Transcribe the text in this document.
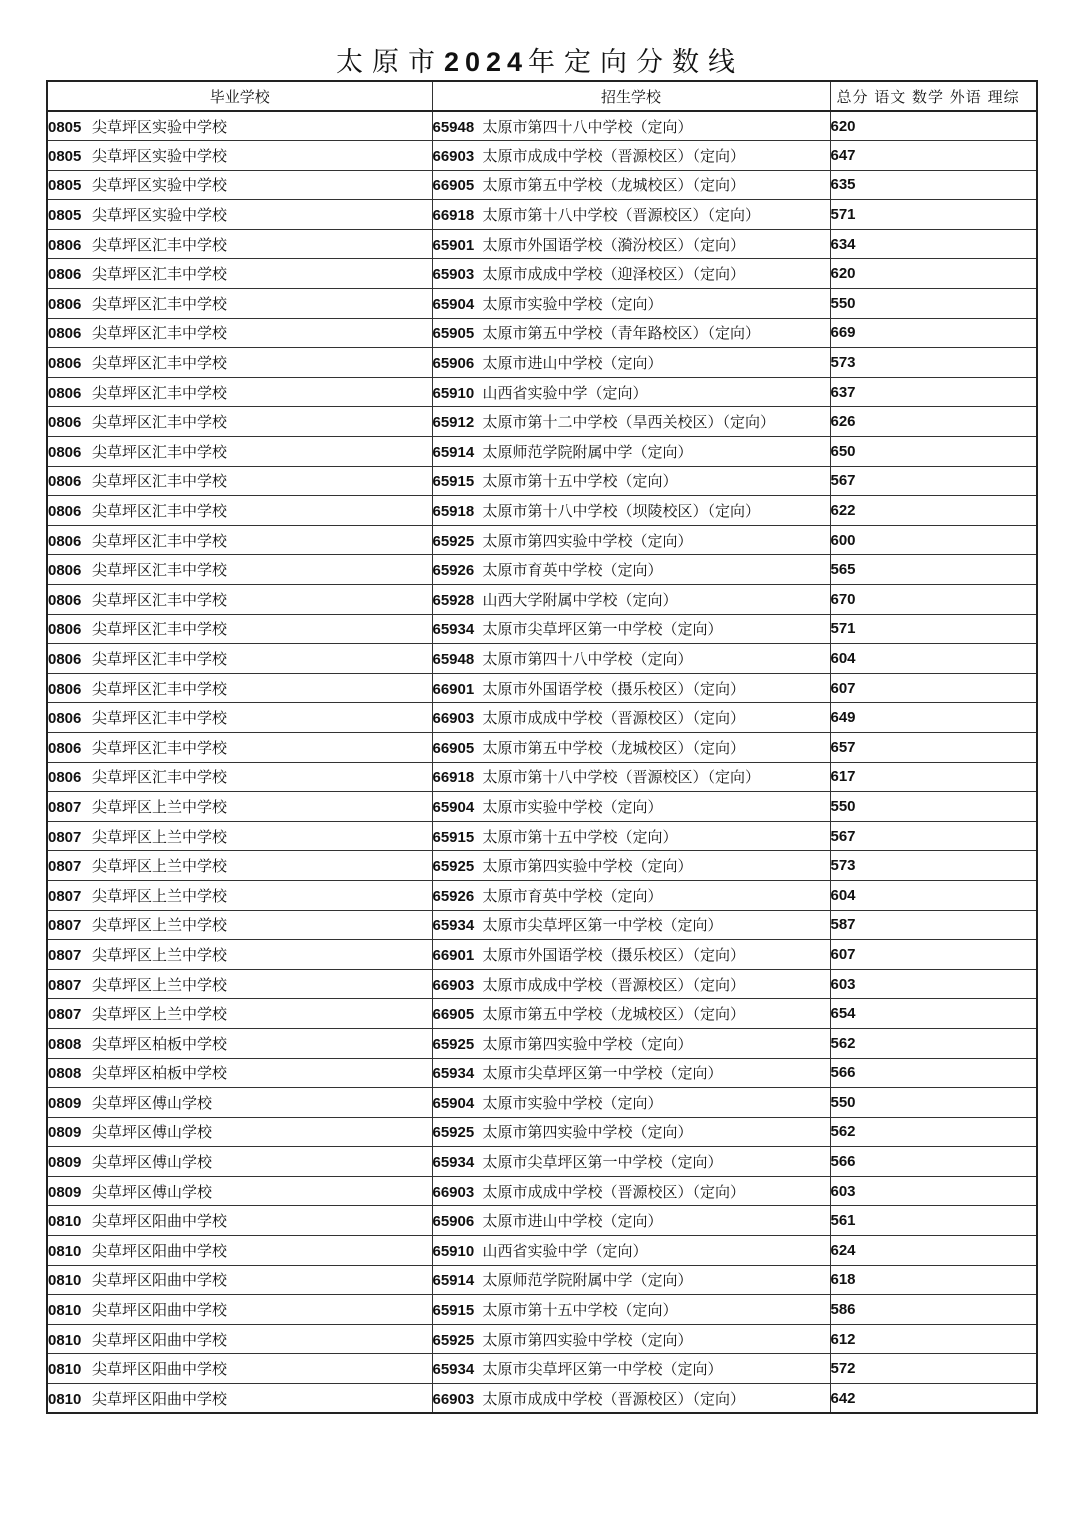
太原市2024年定向分数线
毕业学校	招生学校	总分 语文 数学 外语 理综
0805 尖草坪区实验中学校	65948 太原市第四十八中学校（定向）	620
0805 尖草坪区实验中学校	66903 太原市成成中学校（晋源校区）（定向）	647
0805 尖草坪区实验中学校	66905 太原市第五中学校（龙城校区）（定向）	635
0805 尖草坪区实验中学校	66918 太原市第十八中学校（晋源校区）（定向）	571
0806 尖草坪区汇丰中学校	65901 太原市外国语学校（漪汾校区）（定向）	634
0806 尖草坪区汇丰中学校	65903 太原市成成中学校（迎泽校区）（定向）	620
0806 尖草坪区汇丰中学校	65904 太原市实验中学校（定向）	550
0806 尖草坪区汇丰中学校	65905 太原市第五中学校（青年路校区）（定向）	669
0806 尖草坪区汇丰中学校	65906 太原市进山中学校（定向）	573
0806 尖草坪区汇丰中学校	65910 山西省实验中学（定向）	637
0806 尖草坪区汇丰中学校	65912 太原市第十二中学校（旱西关校区）（定向）	626
0806 尖草坪区汇丰中学校	65914 太原师范学院附属中学（定向）	650
0806 尖草坪区汇丰中学校	65915 太原市第十五中学校（定向）	567
0806 尖草坪区汇丰中学校	65918 太原市第十八中学校（坝陵校区）（定向）	622
0806 尖草坪区汇丰中学校	65925 太原市第四实验中学校（定向）	600
0806 尖草坪区汇丰中学校	65926 太原市育英中学校（定向）	565
0806 尖草坪区汇丰中学校	65928 山西大学附属中学校（定向）	670
0806 尖草坪区汇丰中学校	65934 太原市尖草坪区第一中学校（定向）	571
0806 尖草坪区汇丰中学校	65948 太原市第四十八中学校（定向）	604
0806 尖草坪区汇丰中学校	66901 太原市外国语学校（摄乐校区）（定向）	607
0806 尖草坪区汇丰中学校	66903 太原市成成中学校（晋源校区）（定向）	649
0806 尖草坪区汇丰中学校	66905 太原市第五中学校（龙城校区）（定向）	657
0806 尖草坪区汇丰中学校	66918 太原市第十八中学校（晋源校区）（定向）	617
0807 尖草坪区上兰中学校	65904 太原市实验中学校（定向）	550
0807 尖草坪区上兰中学校	65915 太原市第十五中学校（定向）	567
0807 尖草坪区上兰中学校	65925 太原市第四实验中学校（定向）	573
0807 尖草坪区上兰中学校	65926 太原市育英中学校（定向）	604
0807 尖草坪区上兰中学校	65934 太原市尖草坪区第一中学校（定向）	587
0807 尖草坪区上兰中学校	66901 太原市外国语学校（摄乐校区）（定向）	607
0807 尖草坪区上兰中学校	66903 太原市成成中学校（晋源校区）（定向）	603
0807 尖草坪区上兰中学校	66905 太原市第五中学校（龙城校区）（定向）	654
0808 尖草坪区柏板中学校	65925 太原市第四实验中学校（定向）	562
0808 尖草坪区柏板中学校	65934 太原市尖草坪区第一中学校（定向）	566
0809 尖草坪区傅山学校	65904 太原市实验中学校（定向）	550
0809 尖草坪区傅山学校	65925 太原市第四实验中学校（定向）	562
0809 尖草坪区傅山学校	65934 太原市尖草坪区第一中学校（定向）	566
0809 尖草坪区傅山学校	66903 太原市成成中学校（晋源校区）（定向）	603
0810 尖草坪区阳曲中学校	65906 太原市进山中学校（定向）	561
0810 尖草坪区阳曲中学校	65910 山西省实验中学（定向）	624
0810 尖草坪区阳曲中学校	65914 太原师范学院附属中学（定向）	618
0810 尖草坪区阳曲中学校	65915 太原市第十五中学校（定向）	586
0810 尖草坪区阳曲中学校	65925 太原市第四实验中学校（定向）	612
0810 尖草坪区阳曲中学校	65934 太原市尖草坪区第一中学校（定向）	572
0810 尖草坪区阳曲中学校	66903 太原市成成中学校（晋源校区）（定向）	642
